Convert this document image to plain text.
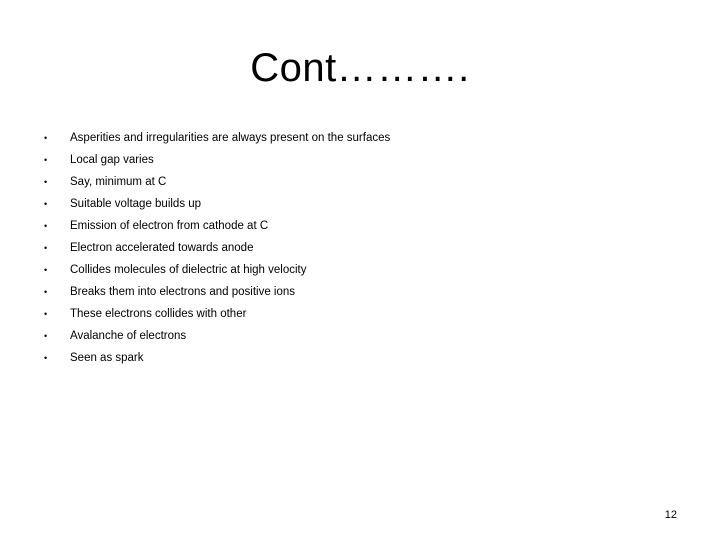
Cont……….
• Asperities and irregularities are always present on the surfaces
• Local gap varies
• Say, minimum at C
• Suitable voltage builds up
• Emission of electron from cathode at C
• Electron accelerated towards anode
• Collides molecules of dielectric at high velocity
• Breaks them into electrons and positive ions
• These electrons collides with other
• Avalanche of electrons
• Seen as spark
12
